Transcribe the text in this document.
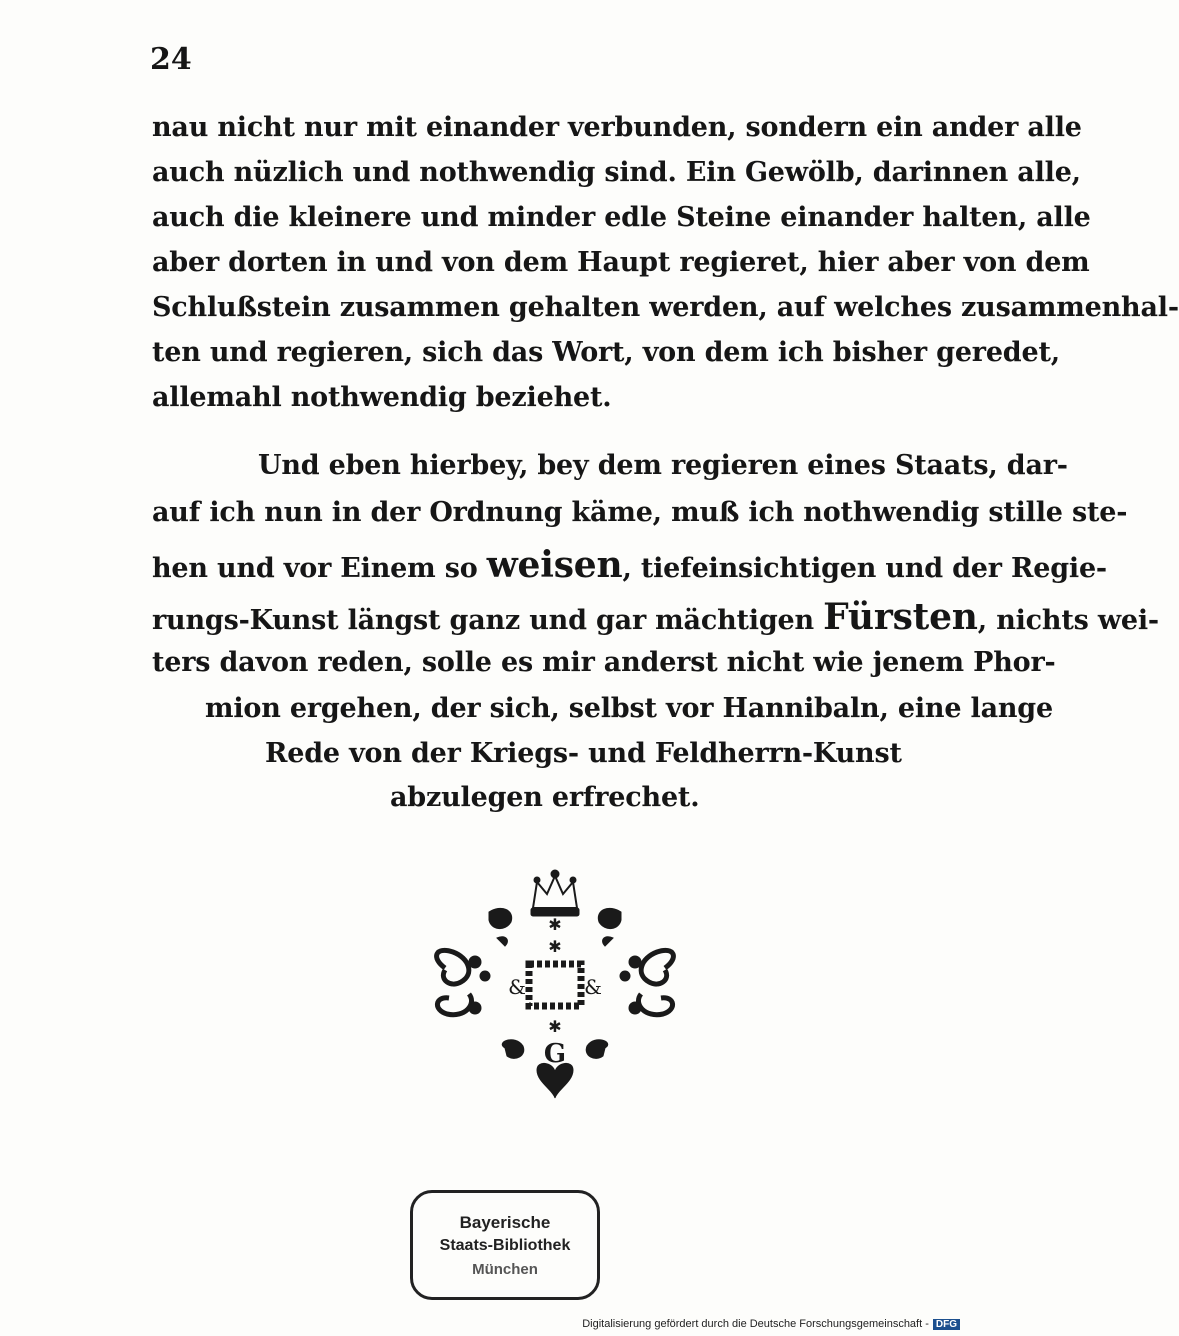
24
nau nicht nur mit einander verbunden, sondern ein ander alle
auch nüzlich und nothwendig sind. Ein Gewölb, darinnen alle,
auch die kleinere und minder edle Steine einander halten, alle
aber dorten in und von dem Haupt regieret, hier aber von dem
Schlußstein zusammen gehalten werden, auf welches zusammenhal-
ten und regieren, sich das Wort, von dem ich bisher geredet,
allemahl nothwendig beziehet.
Und eben hierbey, bey dem regieren eines Staats, dar-
auf ich nun in der Ordnung käme, muß ich nothwendig stille ste-
hen und vor Einem so weisen, tiefeinsichtigen und der Regie-
rungs-Kunst längst ganz und gar mächtigen Fürsten, nichts wei-
ters davon reden, solle es mir anderst nicht wie jenem Phor-
mion ergehen, der sich, selbst vor Hannibaln, eine lange
Rede von der Kriegs- und Feldherrn-Kunst
abzulegen erfrechet.
✱
✱
✱
&	&
G
Bayerische
Staats-Bibliothek
München
Digitalisierung gefördert durch die Deutsche Forschungsgemeinschaft - DFG
